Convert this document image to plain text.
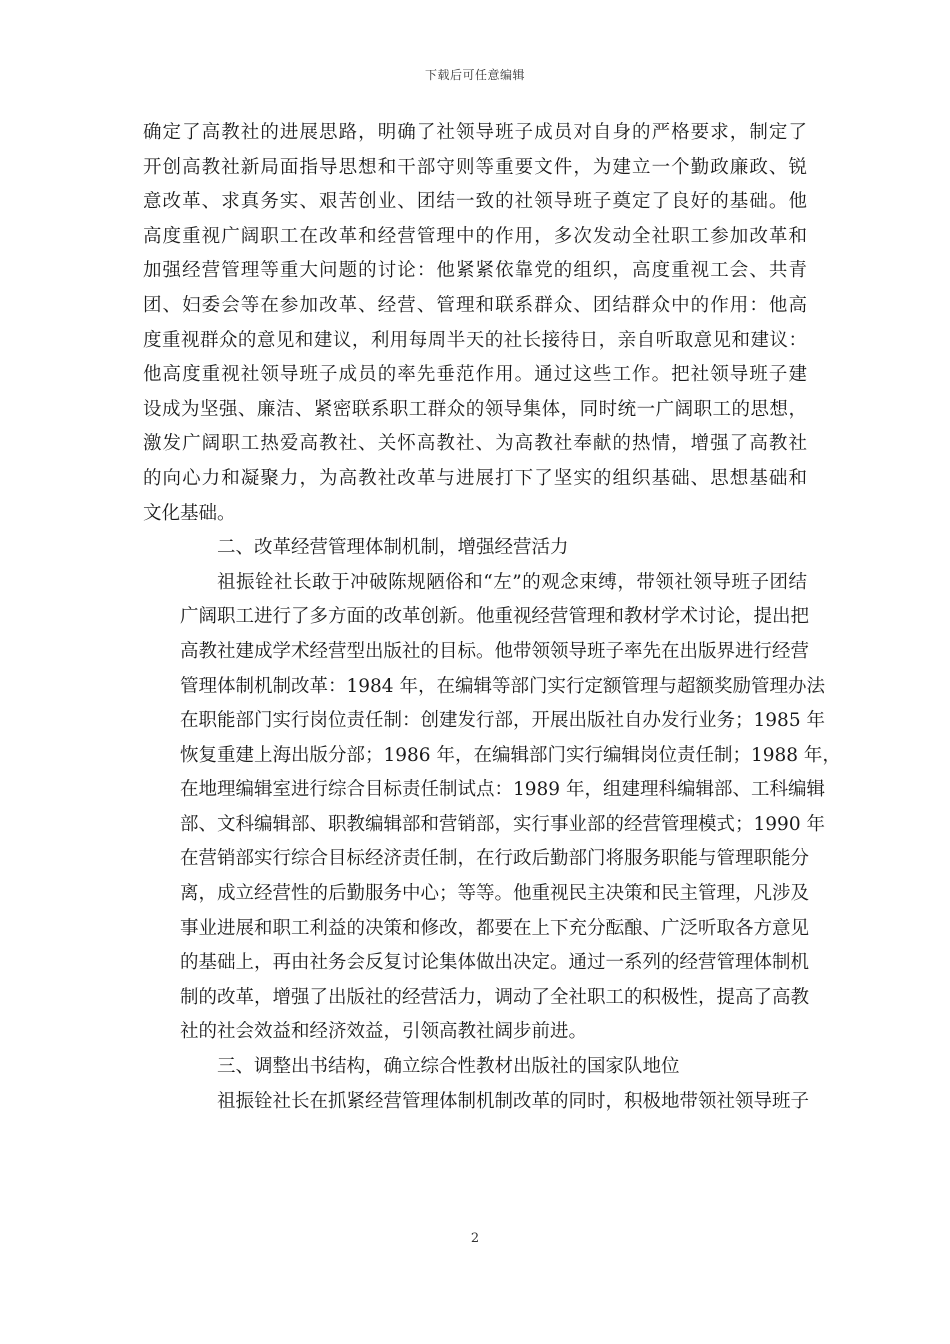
下载后可任意编辑
确定了高教社的进展思路，明确了社领导班子成员对自身的严格要求，制定了
开创高教社新局面指导思想和干部守则等重要文件，为建立一个勤政廉政、锐
意改革、求真务实、艰苦创业、团结一致的社领导班子奠定了良好的基础。他
高度重视广阔职工在改革和经营管理中的作用，多次发动全社职工参加改革和
加强经营管理等重大问题的讨论：他紧紧依靠党的组织，高度重视工会、共青
团、妇委会等在参加改革、经营、管理和联系群众、团结群众中的作用：他高
度重视群众的意见和建议，利用每周半天的社长接待日，亲自听取意见和建议：
他高度重视社领导班子成员的率先垂范作用。通过这些工作。把社领导班子建
设成为坚强、廉洁、紧密联系职工群众的领导集体，同时统一广阔职工的思想，
激发广阔职工热爱高教社、关怀高教社、为高教社奉献的热情，增强了高教社
的向心力和凝聚力，为高教社改革与进展打下了坚实的组织基础、思想基础和
文化基础。
二、改革经营管理体制机制，增强经营活力
祖振铨社长敢于冲破陈规陋俗和“左”的观念束缚，带领社领导班子团结
广阔职工进行了多方面的改革创新。他重视经营管理和教材学术讨论，提出把
高教社建成学术经营型出版社的目标。他带领领导班子率先在出版界进行经营
管理体制机制改革：1984 年，在编辑等部门实行定额管理与超额奖励管理办法
在职能部门实行岗位责任制：创建发行部，开展出版社自办发行业务；1985 年
恢复重建上海出版分部；1986 年，在编辑部门实行编辑岗位责任制；1988 年，
在地理编辑室进行综合目标责任制试点：1989 年，组建理科编辑部、工科编辑
部、文科编辑部、职教编辑部和营销部，实行事业部的经营管理模式；1990 年
在营销部实行综合目标经济责任制，在行政后勤部门将服务职能与管理职能分
离，成立经营性的后勤服务中心；等等。他重视民主决策和民主管理，凡涉及
事业进展和职工利益的决策和修改，都要在上下充分酝酿、广泛听取各方意见
的基础上，再由社务会反复讨论集体做出决定。通过一系列的经营管理体制机
制的改革，增强了出版社的经营活力，调动了全社职工的积极性，提高了高教
社的社会效益和经济效益，引领高教社阔步前进。
三、调整出书结构，确立综合性教材出版社的国家队地位
祖振铨社长在抓紧经营管理体制机制改革的同时，积极地带领社领导班子
2
